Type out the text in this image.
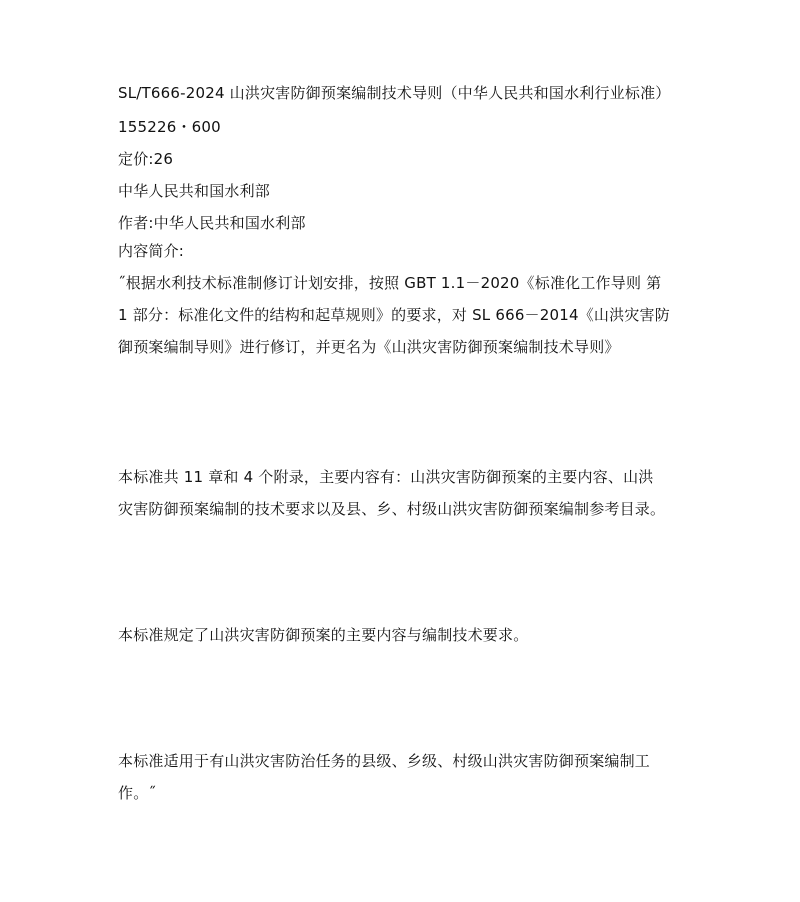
SL/T666-2024 山洪灾害防御预案编制技术导则（中华人民共和国水利行业标准）
155226・600
定价:26
中华人民共和国水利部
作者:中华人民共和国水利部
内容简介:
˝根据水利技术标准制修订计划安排，按照 GBT 1.1－2020《标准化工作导则 第
1 部分：标准化文件的结构和起草规则》的要求，对 SL 666－2014《山洪灾害防
御预案编制导则》进行修订，并更名为《山洪灾害防御预案编制技术导则》
本标准共 11 章和 4 个附录，主要内容有：山洪灾害防御预案的主要内容、山洪
灾害防御预案编制的技术要求以及县、乡、村级山洪灾害防御预案编制参考目录。
本标准规定了山洪灾害防御预案的主要内容与编制技术要求。
本标准适用于有山洪灾害防治任务的县级、乡级、村级山洪灾害防御预案编制工
作。˝
